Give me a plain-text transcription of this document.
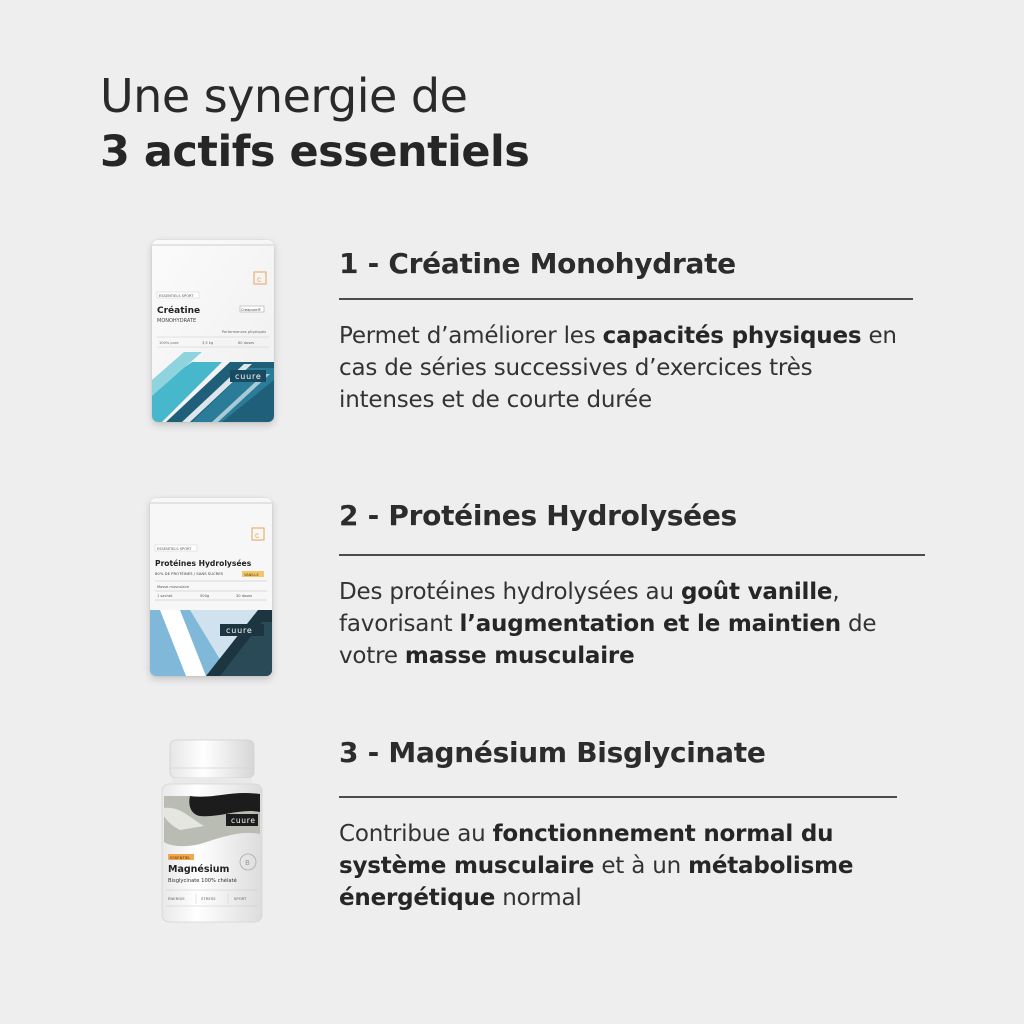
Une synergie de
3 actifs essentiels
c
ESSENTIELS SPORT
Créatine
MONOHYDRATE
Creapure®
Performances physiques
100% pure	3,5 kg	60 doses
cuure
1 - Créatine Monohydrate
Permet d’améliorer les capacités physiques en cas de séries successives d’exercices très intenses et de courte durée
c
ESSENTIELS SPORT
Protéines Hydrolysées
80% DE PROTÉINES / SANS SUCRES	VANILLE
Masse musculaire
1 sachet	500g	30 doses
cuure
2 - Protéines Hydrolysées
Des protéines hydrolysées au goût vanille, favorisant l’augmentation et le maintien de votre masse musculaire
cuure
B
ESSENTIEL
Magnésium
Bisglycinate 100% chélaté
ÉNERGIE	STRESS	SPORT
3 - Magnésium Bisglycinate
Contribue au fonctionnement normal du système musculaire et à un métabolisme énergétique normal
